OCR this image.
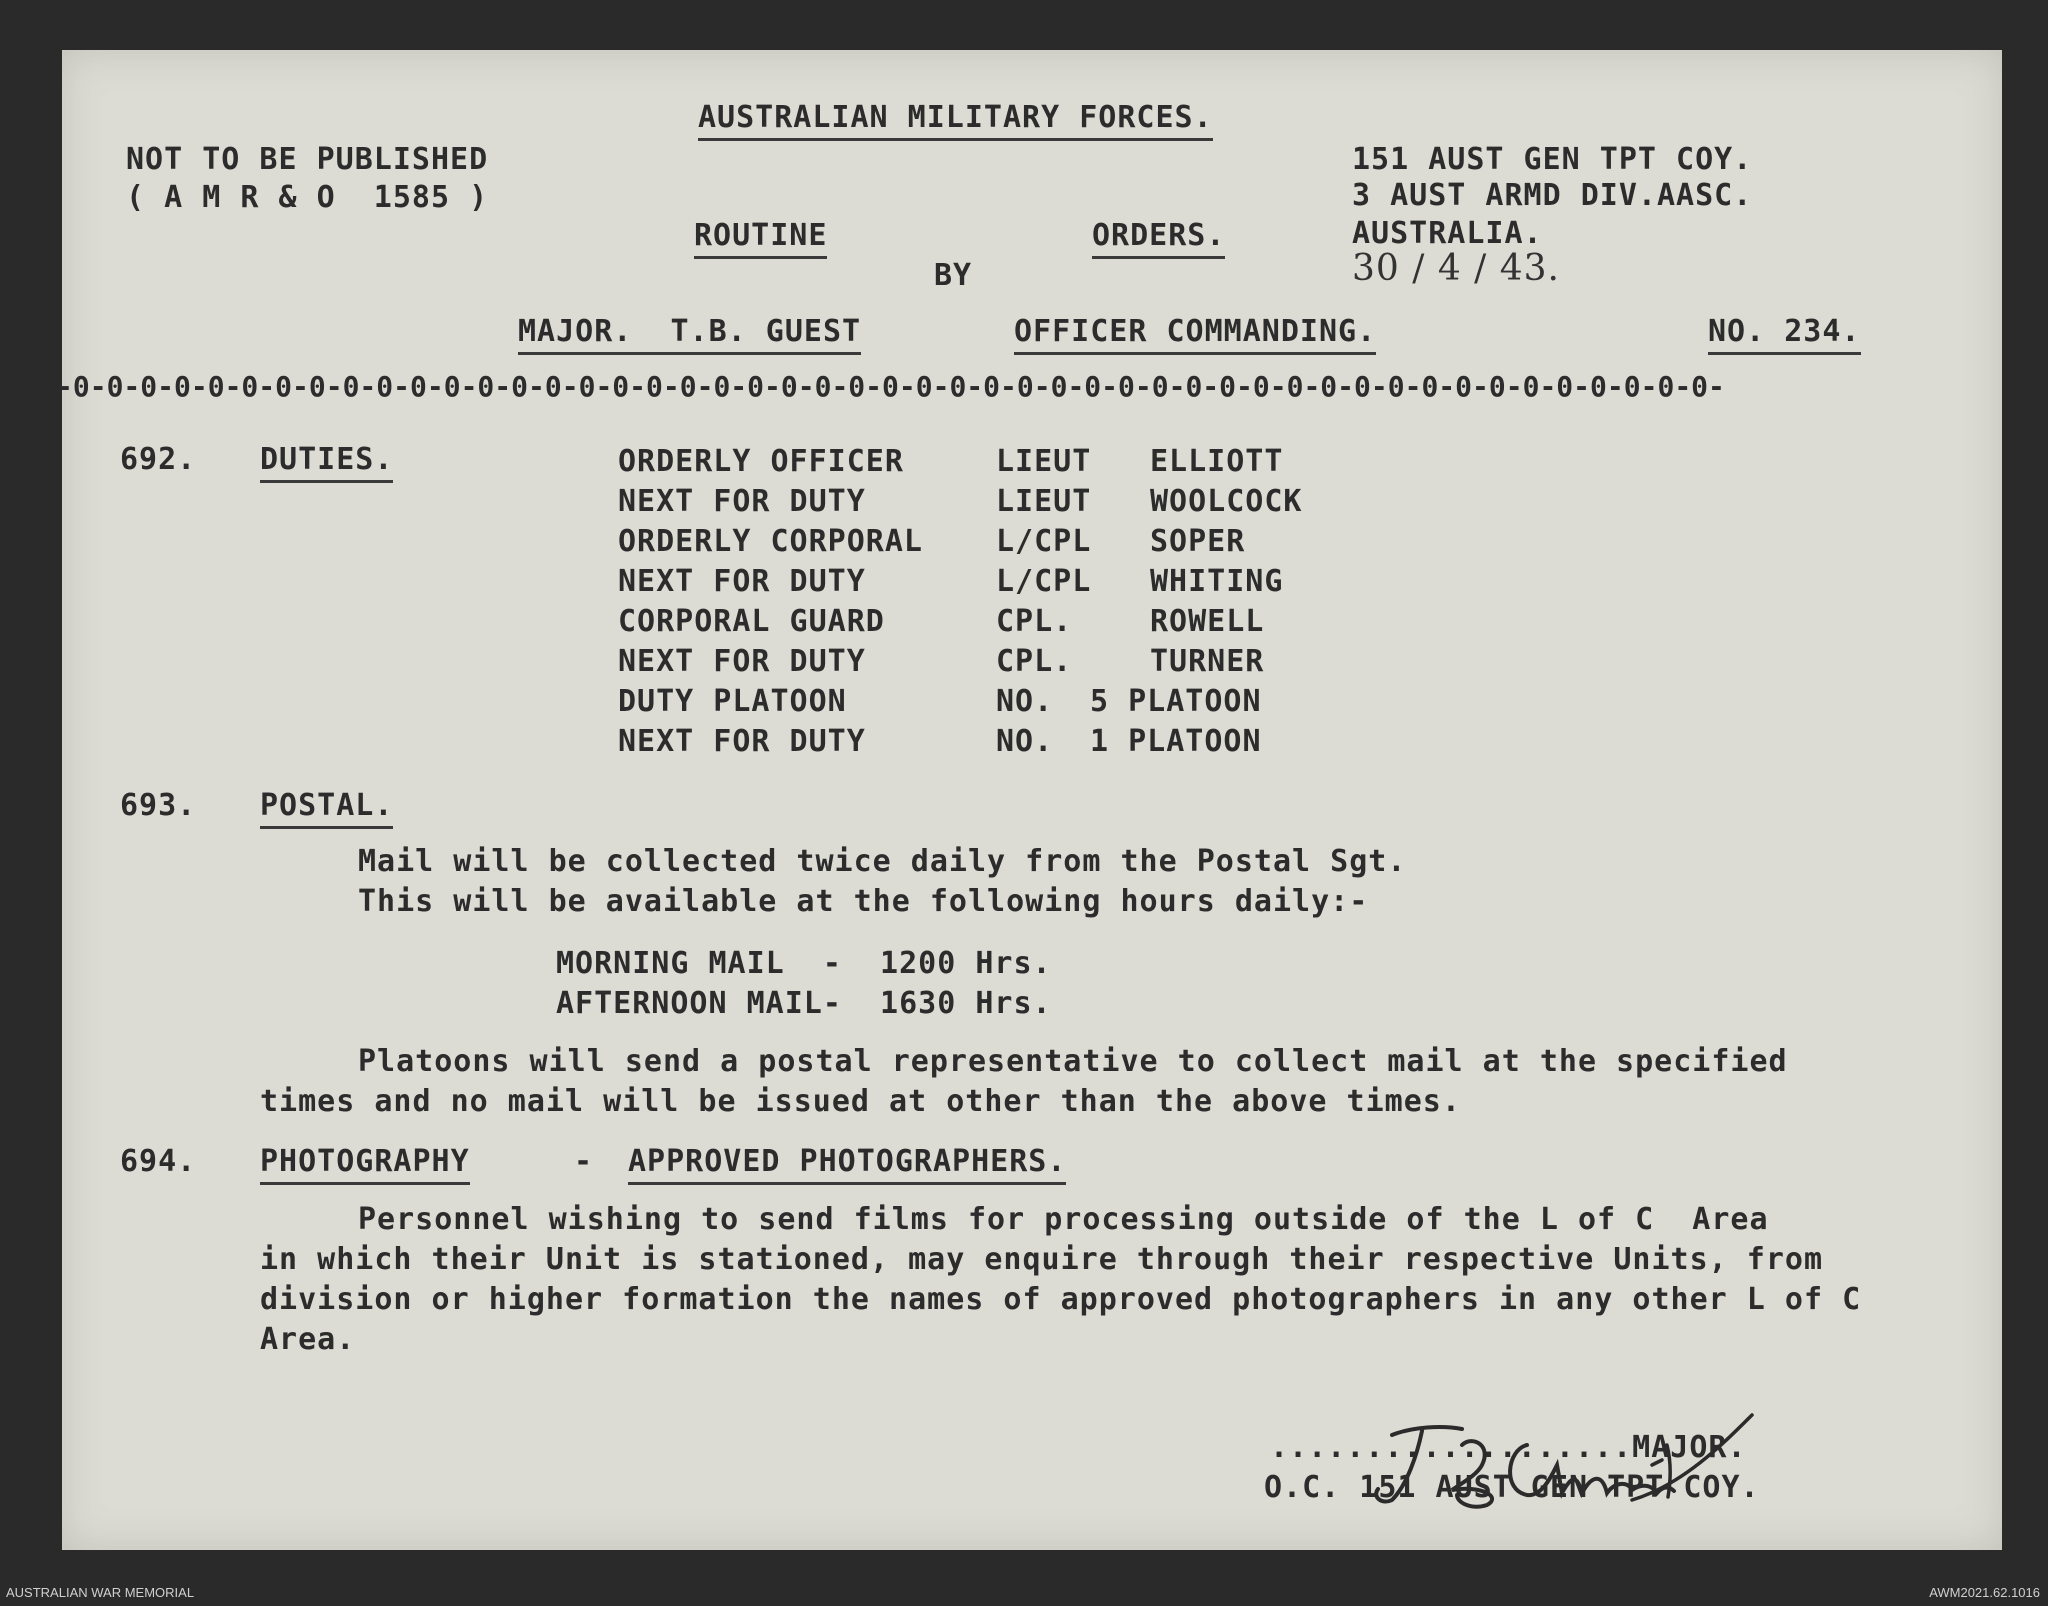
AUSTRALIAN MILITARY FORCES.
NOT TO BE PUBLISHED
( A M R & O  1585 )
151 AUST GEN TPT COY.
3 AUST ARMD DIV.AASC.
AUSTRALIA.
30 / 4 / 43.
ROUTINE	ORDERS.
BY
MAJOR.  T.B. GUEST	OFFICER COMMANDING.	NO. 234.
-0-0-0-0-0-0-0-0-0-0-0-0-0-0-0-0-0-0-0-0-0-0-0-0-0-0-0-0-0-0-0-0-0-0-0-0-0-0-0-0-0-0-0-0-0-0-0-0-0-
692. DUTIES.	ORDERLY OFFICER	LIEUT ELLIOTT
NEXT FOR DUTY	LIEUT WOOLCOCK
ORDERLY CORPORAL L/CPL SOPER
NEXT FOR DUTY	L/CPL WHITING
CORPORAL GUARD	CPL.	ROWELL
NEXT FOR DUTY	CPL.	TURNER
DUTY PLATOON	NO. 5 PLATOON
NEXT FOR DUTY	NO. 1 PLATOON
693. POSTAL.
Mail will be collected twice daily from the Postal Sgt.
This will be available at the following hours daily:-
MORNING MAIL  -  1200 Hrs.
AFTERNOON MAIL-  1630 Hrs.
Platoons will send a postal representative to collect mail at the specified
times and no mail will be issued at other than the above times.
694. PHOTOGRAPHY	- APPROVED PHOTOGRAPHERS.
Personnel wishing to send films for processing outside of the L of C  Area
in which their Unit is stationed, may enquire through their respective Units, from
division or higher formation the names of approved photographers in any other L of C
Area.
...................MAJOR.
O.C. 151 AUST GEN TPT COY.
AUSTRALIAN WAR MEMORIAL	AWM2021.62.1016
